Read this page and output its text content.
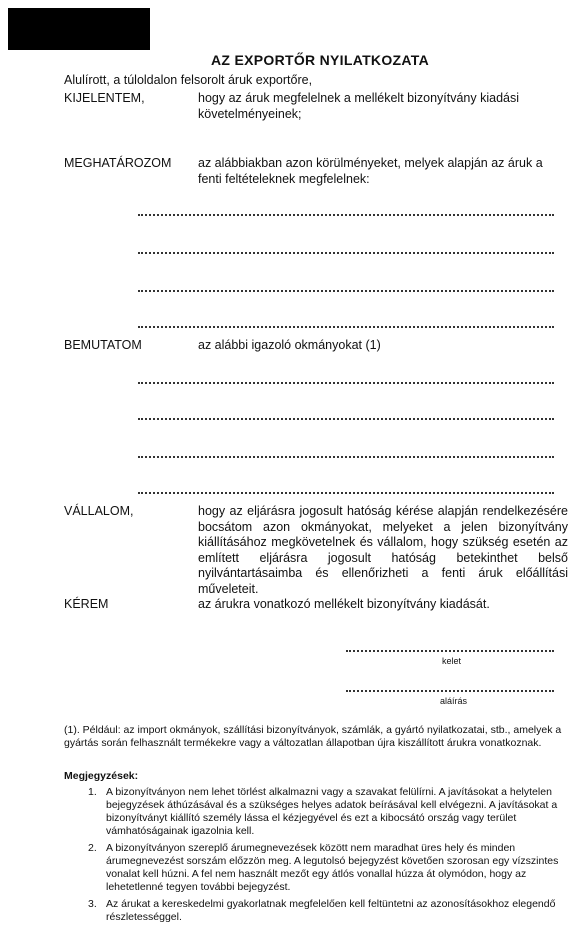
AZ EXPORTŐR NYILATKOZATA
Alulírott, a túloldalon felsorolt áruk exportőre,
KIJELENTEM,	hogy az áruk megfelelnek a mellékelt bizonyítvány kiadási követelményeinek;
MEGHATÁROZOM az alábbiakban azon körülményeket, melyek alapján az áruk a fenti feltételeknek megfelelnek:
BEMUTATOM	az alábbi igazoló okmányokat (1)
VÁLLALOM,	hogy az eljárásra jogosult hatóság kérése alapján rendelkezésére bocsátom azon okmányokat, melyeket a jelen bizonyítvány kiállításához megkövetelnek és vállalom, hogy szükség esetén az említett eljárásra jogosult hatóság betekinthet belső nyilvántartásaimba és ellenőrizheti a fenti áruk előállítási műveleteit.
KÉREM	az árukra vonatkozó mellékelt bizonyítvány kiadását.
kelet
aláírás
(1). Például: az import okmányok, szállítási bizonyítványok, számlák, a gyártó nyilatkozatai, stb., amelyek a gyártás során felhasznált termékekre vagy a változatlan állapotban újra kiszállított árukra vonatkoznak.
Megjegyzések:
1. A bizonyítványon nem lehet törlést alkalmazni vagy a szavakat felülírni. A javításokat a helytelen bejegyzések áthúzásával és a szükséges helyes adatok beírásával kell elvégezni. A javításokat a bizonyítványt kiállító személy lássa el kézjegyével és ezt a kibocsátó ország vagy terület vámhatóságainak igazolnia kell.
2. A bizonyítványon szereplő árumegnevezések között nem maradhat üres hely és minden árumegnevezést sorszám előzzön meg. A legutolsó bejegyzést követően szorosan egy vízszintes vonalat kell húzni. A fel nem használt mezőt egy átlós vonallal húzza át olymódon, hogy az lehetetlenné tegyen további bejegyzést.
3. Az árukat a kereskedelmi gyakorlatnak megfelelően kell feltüntetni az azonosításokhoz elegendő részletességgel.
